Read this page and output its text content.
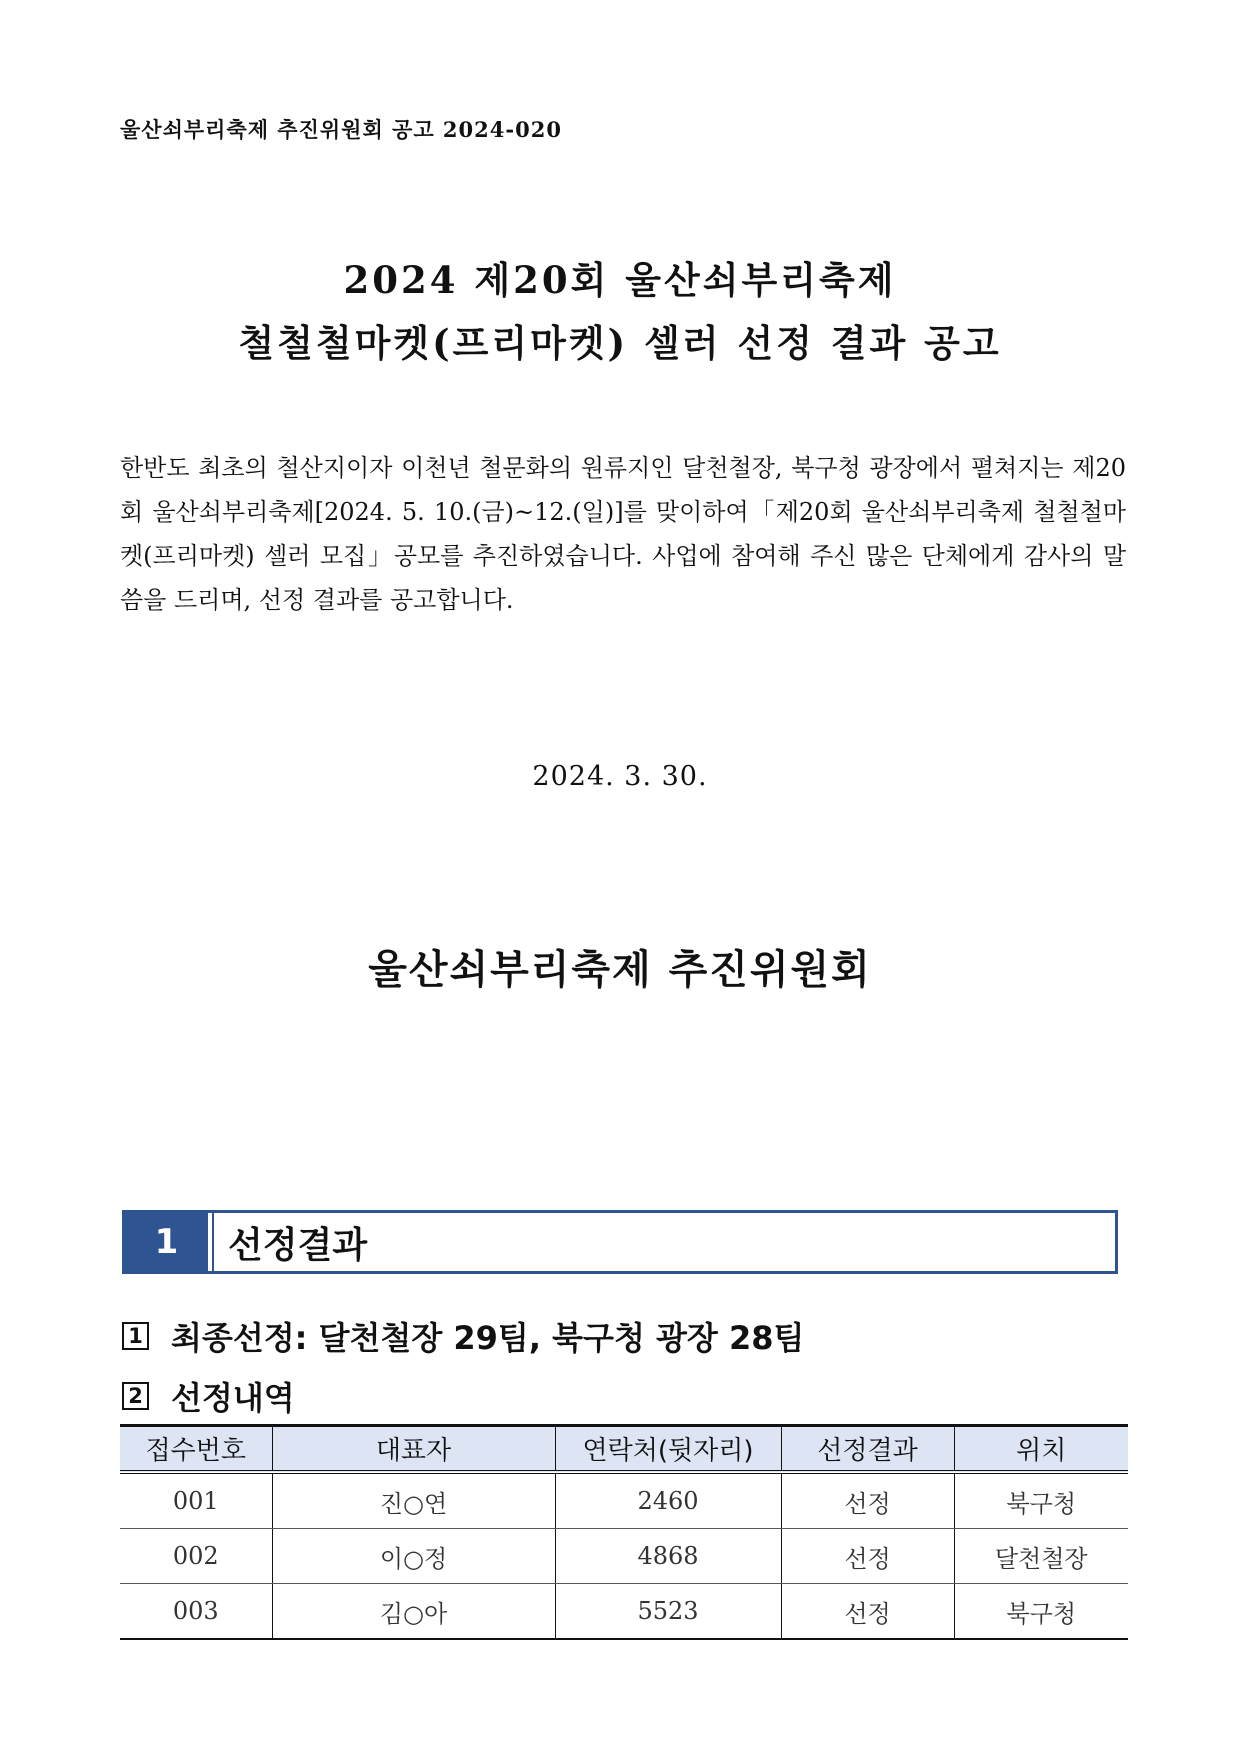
울산쇠부리축제 추진위원회 공고 2024-020
2024 제20회 울산쇠부리축제
철철철마켓(프리마켓) 셀러 선정 결과 공고
한반도 최초의 철산지이자 이천년 철문화의 원류지인 달천철장, 북구청 광장에서 펼쳐지는 제20회 울산쇠부리축제[2024. 5. 10.(금)~12.(일)]를 맞이하여「제20회 울산쇠부리축제 철철철마켓(프리마켓) 셀러 모집」공모를 추진하였습니다. 사업에 참여해 주신 많은 단체에게 감사의 말씀을 드리며, 선정 결과를 공고합니다.
2024. 3. 30.
울산쇠부리축제 추진위원회
1	선정결과
1 최종선정: 달천철장 29팀, 북구청 광장 28팀
2 선정내역
접수번호	대표자	연락처(뒷자리)	선정결과	위치
001	진○연	2460	선정	북구청
002	이○정	4868	선정	달천철장
003	김○아	5523	선정	북구청
